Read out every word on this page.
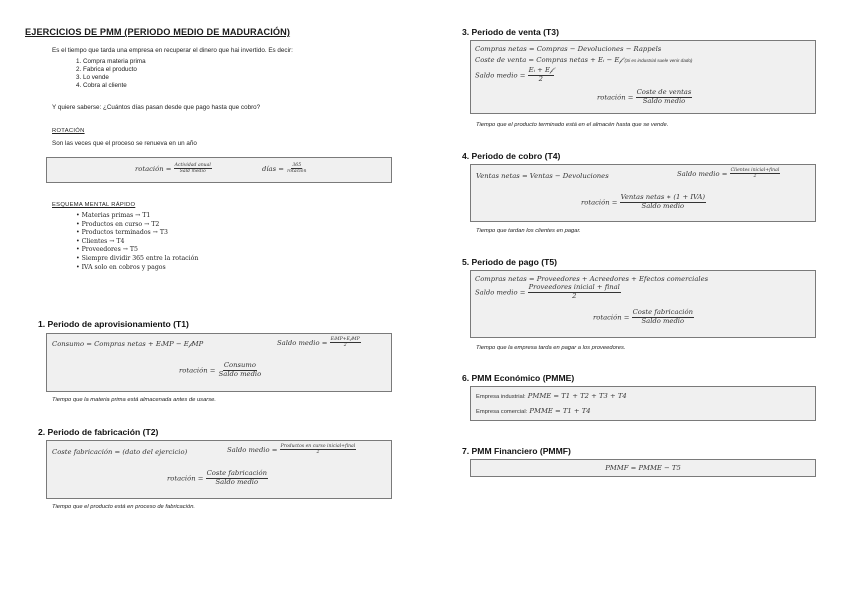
EJERCICIOS DE PMM (PERIODO MEDIO DE MADURACIÓN)
Es el tiempo que tarda una empresa en recuperar el dinero que hai invertido. Es decir:
1. Compra materia prima
2. Fabrica el producto
3. Lo vende
4. Cobra al cliente
Y quiere saberse: ¿Cuántos días pasan desde que pago hasta que cobro?
ROTACIÓN
Son las veces que el proceso se renueva en un año
rotación = $\frac{\text{Actividad anual}}{\text{Sald medio}}$	días = $\frac{365}{\text{rotación}}$
ESQUEMA MENTAL RÁPIDO
• Materias primas → T1
• Productos en curso → T2
• Productos terminados → T3
• Clientes → T4
• Proveedores → T5
• Siempre dividir 365 entre la rotación
• IVA solo en cobros y pagos
1. Periodo de aprovisionamiento (T1)
Consumo = Compras netas + EᵢMP − E𝒻MP	Saldo medio = $\frac{\text{EᵢMP+E𝒻MP}}{2}$
rotación = $\frac{\text{Consumo}}{\text{Saldo medio}}$
Tiempo que la materia prima está almacenada antes de usarse.
2. Periodo de fabricación (T2)
Coste fabricación = (dato del ejercicio)	Saldo medio = $\frac{\text{Productos en curso inicial+final}}{2}$
rotación = $\frac{\text{Coste fabricación}}{\text{Saldo medio}}$
Tiempo que el producto está en proceso de fabricación.
3. Periodo de venta (T3)
Compras netas = Compras − Devoluciones − Rappels
Coste de venta = Compras netas + Eᵢ − E𝒻 (Si es industrial suele venir dado)
Saldo medio = $\frac{\text{Eᵢ + E𝒻}}{2}$
rotación = $\frac{\text{Coste de ventas}}{\text{Saldo medio}}$
Tiempo que el producto terminado está en el almacén hasta que se vende.
4. Periodo de cobro (T4)
Ventas netas = Ventas − Devoluciones	Saldo medio = $\frac{\text{Clientes inicial+final}}{2}$
rotación = $\frac{\text{Ventas netas ∗ (1 + IVA)}}{\text{Saldo medio}}$
Tiempo que tardan los clientes en pagar.
5. Periodo de pago (T5)
Compras netas = Proveedores + Acreedores + Efectos comerciales
Saldo medio = $\frac{\text{Proveedores inicial + final}}{2}$
rotación = $\frac{\text{Coste fabricación}}{\text{Saldo medio}}$
Tiempo que la empresa tarda en pagar a los proveedores.
6. PMM Económico (PMME)
Empresa industrial: PMME = T1 + T2 + T3 + T4
Empresa comercial: PMME = T1 + T4
7. PMM Financiero (PMMF)
PMMF = PMME − T5
